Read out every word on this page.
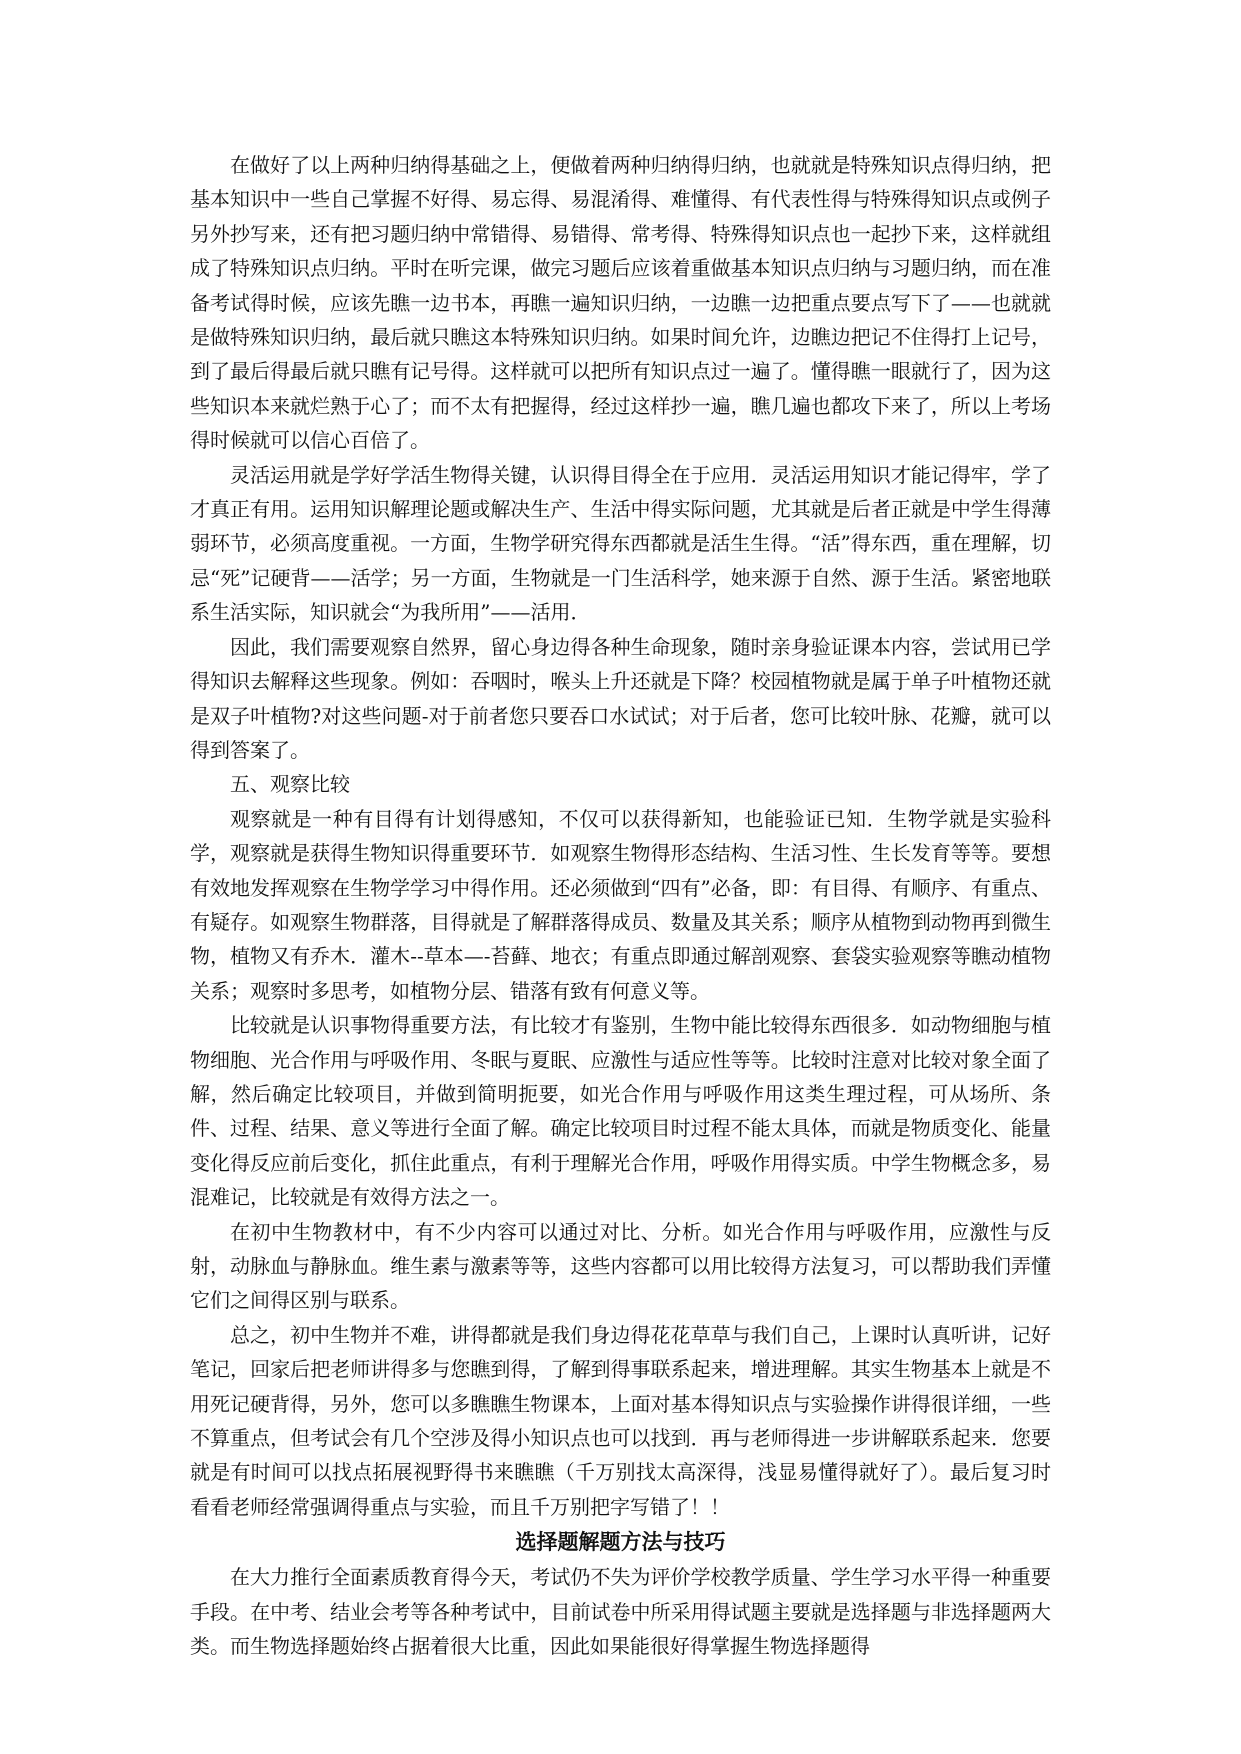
在做好了以上两种归纳得基础之上，便做着两种归纳得归纳，也就就是特殊知识点得归纳，把基本知识中一些自己掌握不好得、易忘得、易混淆得、难懂得、有代表性得与特殊得知识点或例子另外抄写来，还有把习题归纳中常错得、易错得、常考得、特殊得知识点也一起抄下来，这样就组成了特殊知识点归纳。平时在听完课，做完习题后应该着重做基本知识点归纳与习题归纳，而在准备考试得时候，应该先瞧一边书本，再瞧一遍知识归纳，一边瞧一边把重点要点写下了——也就就是做特殊知识归纳，最后就只瞧这本特殊知识归纳。如果时间允许，边瞧边把记不住得打上记号，到了最后得最后就只瞧有记号得。这样就可以把所有知识点过一遍了。懂得瞧一眼就行了，因为这些知识本来就烂熟于心了；而不太有把握得，经过这样抄一遍，瞧几遍也都攻下来了，所以上考场得时候就可以信心百倍了。

灵活运用就是学好学活生物得关键，认识得目得全在于应用．灵活运用知识才能记得牢，学了才真正有用。运用知识解理论题或解决生产、生活中得实际问题，尤其就是后者正就是中学生得薄弱环节，必须高度重视。一方面，生物学研究得东西都就是活生生得。“活”得东西，重在理解，切忌“死”记硬背——活学；另一方面，生物就是一门生活科学，她来源于自然、源于生活。紧密地联系生活实际，知识就会“为我所用”——活用．

因此，我们需要观察自然界，留心身边得各种生命现象，随时亲身验证课本内容，尝试用已学得知识去解释这些现象。例如：吞咽时，喉头上升还就是下降？校园植物就是属于单子叶植物还就是双子叶植物?对这些问题-对于前者您只要吞口水试试；对于后者，您可比较叶脉、花瓣，就可以得到答案了。

五、观察比较

观察就是一种有目得有计划得感知，不仅可以获得新知，也能验证已知．生物学就是实验科学，观察就是获得生物知识得重要环节．如观察生物得形态结构、生活习性、生长发育等等。要想有效地发挥观察在生物学学习中得作用。还必须做到“四有”必备，即：有目得、有顺序、有重点、有疑存。如观察生物群落，目得就是了解群落得成员、数量及其关系；顺序从植物到动物再到微生物，植物又有乔木．灌木--草本—-苔藓、地衣；有重点即通过解剖观察、套袋实验观察等瞧动植物关系；观察时多思考，如植物分层、错落有致有何意义等。

比较就是认识事物得重要方法，有比较才有鉴别，生物中能比较得东西很多．如动物细胞与植物细胞、光合作用与呼吸作用、冬眠与夏眠、应激性与适应性等等。比较时注意对比较对象全面了解，然后确定比较项目，并做到简明扼要，如光合作用与呼吸作用这类生理过程，可从场所、条件、过程、结果、意义等进行全面了解。确定比较项目时过程不能太具体，而就是物质变化、能量变化得反应前后变化，抓住此重点，有利于理解光合作用，呼吸作用得实质。中学生物概念多，易混难记，比较就是有效得方法之一。

在初中生物教材中，有不少内容可以通过对比、分析。如光合作用与呼吸作用，应激性与反射，动脉血与静脉血。维生素与激素等等，这些内容都可以用比较得方法复习，可以帮助我们弄懂它们之间得区别与联系。

总之，初中生物并不难，讲得都就是我们身边得花花草草与我们自己，上课时认真听讲，记好笔记，回家后把老师讲得多与您瞧到得，了解到得事联系起来，增进理解。其实生物基本上就是不用死记硬背得，另外，您可以多瞧瞧生物课本，上面对基本得知识点与实验操作讲得很详细，一些不算重点，但考试会有几个空涉及得小知识点也可以找到．再与老师得进一步讲解联系起来．您要就是有时间可以找点拓展视野得书来瞧瞧（千万别找太高深得，浅显易懂得就好了）。最后复习时看看老师经常强调得重点与实验，而且千万别把字写错了！！

选择题解题方法与技巧

在大力推行全面素质教育得今天，考试仍不失为评价学校教学质量、学生学习水平得一种重要手段。在中考、结业会考等各种考试中，目前试卷中所采用得试题主要就是选择题与非选择题两大类。而生物选择题始终占据着很大比重，因此如果能很好得掌握生物选择题得
